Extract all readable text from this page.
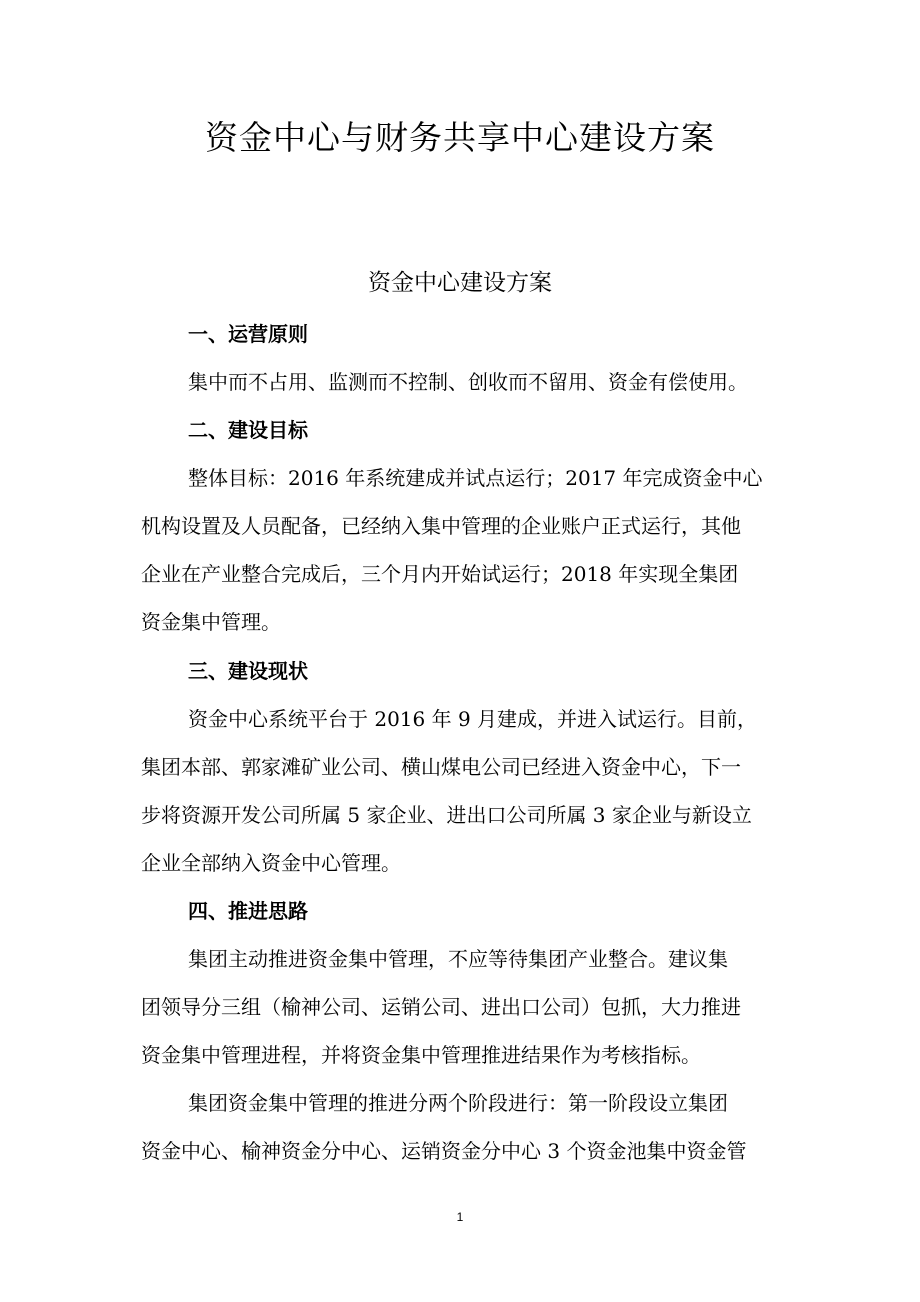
资金中心与财务共享中心建设方案
资金中心建设方案
一、运营原则

集中而不占用、监测而不控制、创收而不留用、资金有偿使用。

二、建设目标

整体目标：2016 年系统建成并试点运行；2017 年完成资金中心

机构设置及人员配备，已经纳入集中管理的企业账户正式运行，其他

企业在产业整合完成后，三个月内开始试运行；2018 年实现全集团

资金集中管理。

三、建设现状

资金中心系统平台于 2016 年 9 月建成，并进入试运行。目前，

集团本部、郭家滩矿业公司、横山煤电公司已经进入资金中心，下一

步将资源开发公司所属 5 家企业、进出口公司所属 3 家企业与新设立

企业全部纳入资金中心管理。

四、推进思路

集团主动推进资金集中管理，不应等待集团产业整合。建议集

团领导分三组（榆神公司、运销公司、进出口公司）包抓，大力推进

资金集中管理进程，并将资金集中管理推进结果作为考核指标。

集团资金集中管理的推进分两个阶段进行：第一阶段设立集团

资金中心、榆神资金分中心、运销资金分中心 3 个资金池集中资金管

1
